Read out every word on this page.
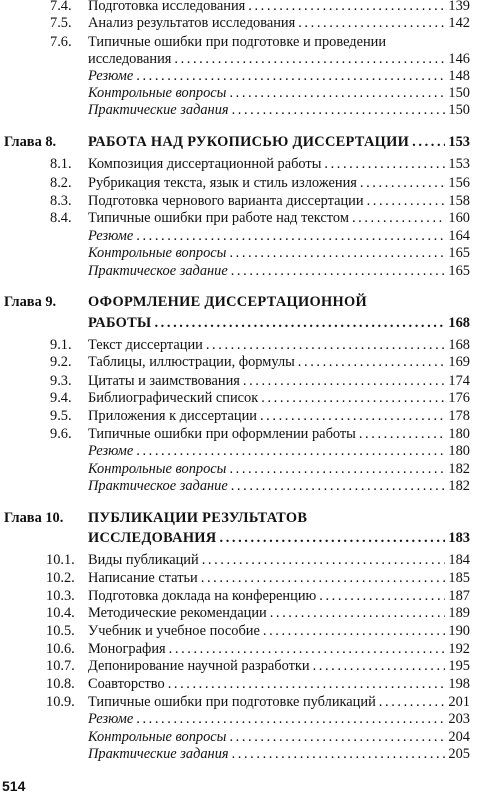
7.4. Подготовка исследования . . .	139
7.5. Анализ результатов исследования . . .	142
7.6. Типичные ошибки при подготовке и проведении
исследования . . .	146
Резюме . . .	148
Контрольные вопросы . . .	150
Практические задания . . .	150
Глава 8. РАБОТА НАД РУКОПИСЬЮ ДИССЕРТАЦИИ . . .	153
8.1. Композиция диссертационной работы . . .	153
8.2. Рубрикация текста, язык и стиль изложения . . .	156
8.3. Подготовка чернового варианта диссертации . . .	158
8.4. Типичные ошибки при работе над текстом . . .	160
Резюме . . .	164
Контрольные вопросы . . .	165
Практическое задание . . .	165
Глава 9. ОФОРМЛЕНИЕ ДИССЕРТАЦИОННОЙ
РАБОТЫ . . .	168
9.1. Текст диссертации . . .	168
9.2. Таблицы, иллюстрации, формулы . . .	169
9.3. Цитаты и заимствования . . .	174
9.4. Библиографический список . . .	176
9.5. Приложения к диссертации . . .	178
9.6. Типичные ошибки при оформлении работы . . .	180
Резюме . . .	180
Контрольные вопросы . . .	182
Практическое задание . . .	182
Глава 10. ПУБЛИКАЦИИ РЕЗУЛЬТАТОВ
ИССЛЕДОВАНИЯ . . .	183
10.1. Виды публикаций . . .	184
10.2. Написание статьи . . .	185
10.3. Подготовка доклада на конференцию . . .	187
10.4. Методические рекомендации . . .	189
10.5. Учебник и учебное пособие . . .	190
10.6. Монография . . .	192
10.7. Депонирование научной разработки . . .	195
10.8. Соавторство . . .	198
10.9. Типичные ошибки при подготовке публикаций . . .	201
Резюме . . .	203
Контрольные вопросы . . .	204
Практические задания . . .	205
514
